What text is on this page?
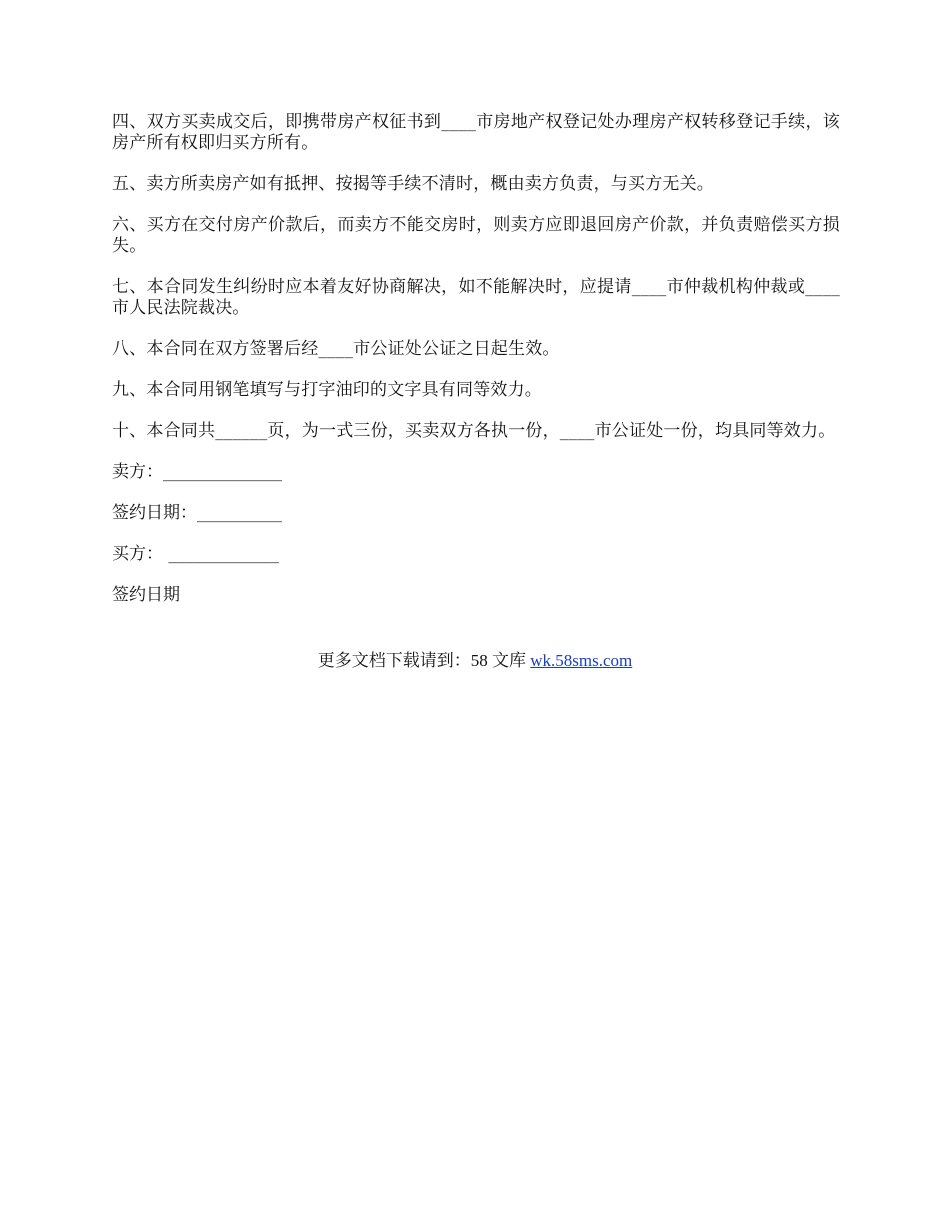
四、双方买卖成交后，即携带房产权征书到____市房地产权登记处办理房产权转移登记手续，该房产所有权即归买方所有。

五、卖方所卖房产如有抵押、按揭等手续不清时，概由卖方负责，与买方无关。

六、买方在交付房产价款后，而卖方不能交房时，则卖方应即退回房产价款，并负责赔偿买方损失。

七、本合同发生纠纷时应本着友好协商解决，如不能解决时，应提请____市仲裁机构仲裁或____市人民法院裁决。

八、本合同在双方签署后经____市公证处公证之日起生效。

九、本合同用钢笔填写与打字油印的文字具有同等效力。

十、本合同共______页，为一式三份，买卖双方各执一份，____市公证处一份，均具同等效力。

卖方：______________

签约日期：__________

买方： _____________

签约日期

更多文档下载请到：58 文库 wk.58sms.com
